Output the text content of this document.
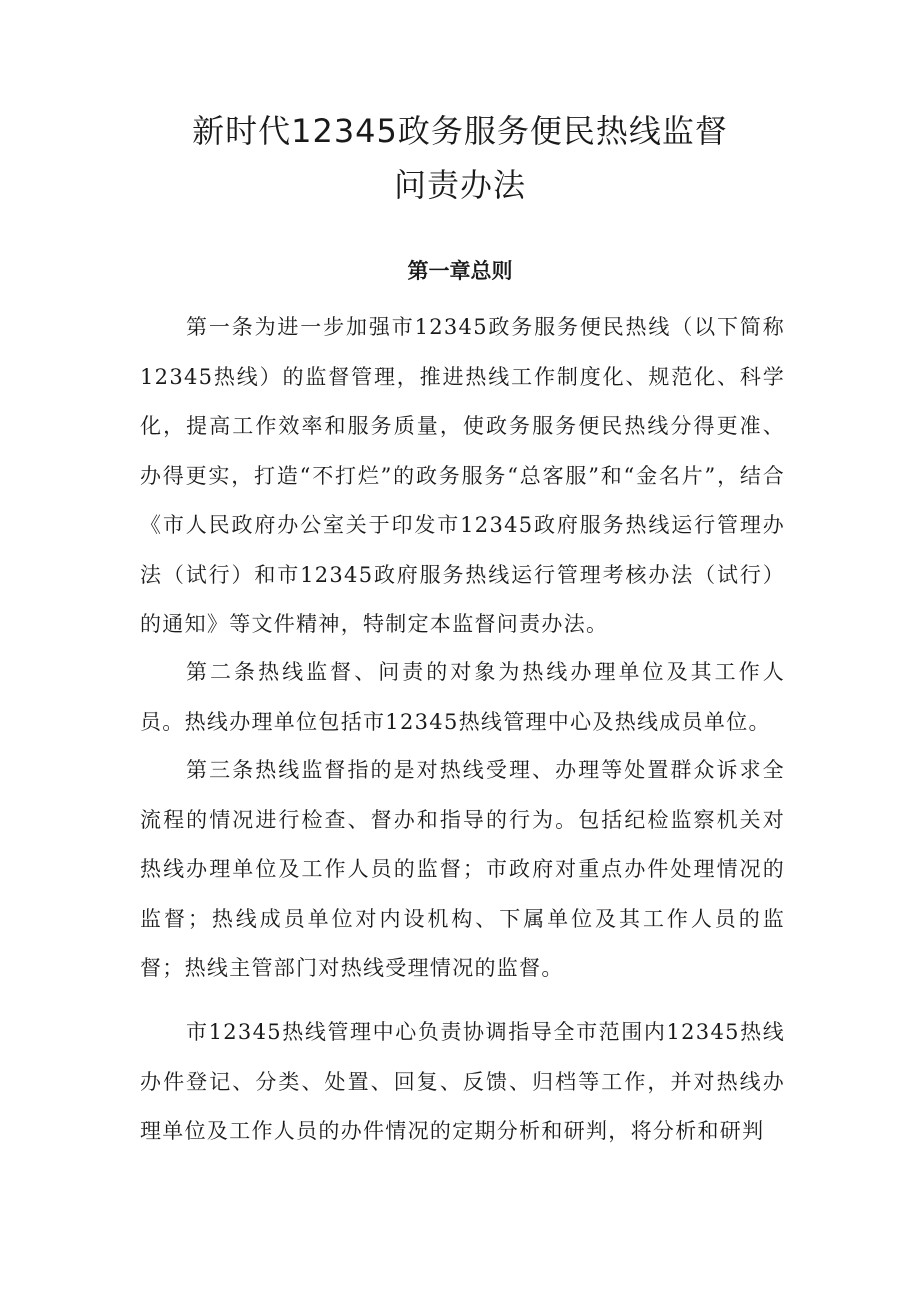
新时代12345政务服务便民热线监督
问责办法
第一章总则

第一条为进一步加强市12345政务服务便民热线（以下简称12345热线）的监督管理，推进热线工作制度化、规范化、科学化，提高工作效率和服务质量，使政务服务便民热线分得更准、办得更实，打造“不打烂”的政务服务“总客服”和“金名片”，结合《市人民政府办公室关于印发市12345政府服务热线运行管理办法（试行）和市12345政府服务热线运行管理考核办法（试行）的通知》等文件精神，特制定本监督问责办法。

第二条热线监督、问责的对象为热线办理单位及其工作人员。热线办理单位包括市12345热线管理中心及热线成员单位。

第三条热线监督指的是对热线受理、办理等处置群众诉求全流程的情况进行检查、督办和指导的行为。包括纪检监察机关对热线办理单位及工作人员的监督；市政府对重点办件处理情况的监督；热线成员单位对内设机构、下属单位及其工作人员的监督；热线主管部门对热线受理情况的监督。

市12345热线管理中心负责协调指导全市范围内12345热线办件登记、分类、处置、回复、反馈、归档等工作，并对热线办理单位及工作人员的办件情况的定期分析和研判，将分析和研判
